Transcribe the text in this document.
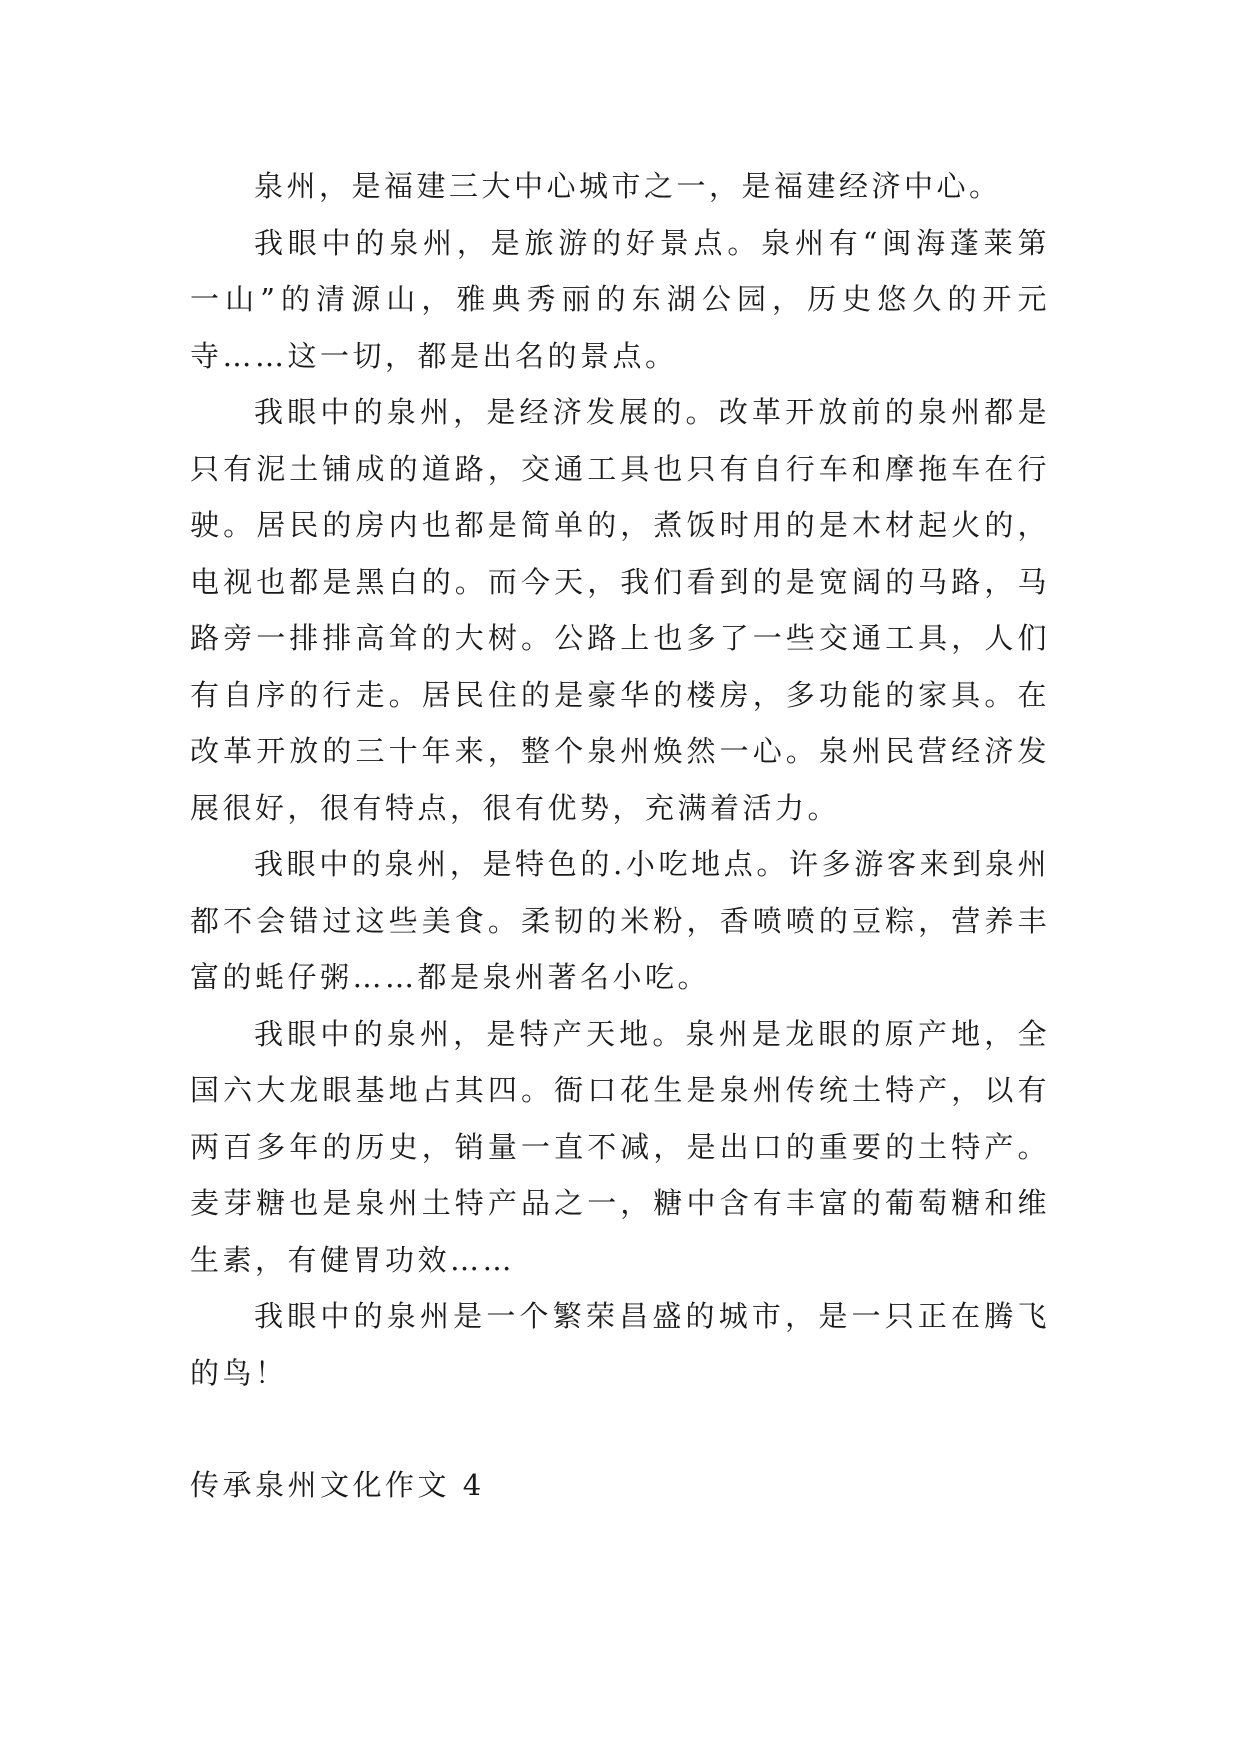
泉州，是福建三大中心城市之一，是福建经济中心。

我眼中的泉州，是旅游的好景点。泉州有“闽海蓬莱第一山”的清源山，雅典秀丽的东湖公园，历史悠久的开元寺……这一切，都是出名的景点。

我眼中的泉州，是经济发展的。改革开放前的泉州都是只有泥土铺成的道路，交通工具也只有自行车和摩拖车在行驶。居民的房内也都是简单的，煮饭时用的是木材起火的，电视也都是黑白的。而今天，我们看到的是宽阔的马路，马路旁一排排高耸的大树。公路上也多了一些交通工具，人们有自序的行走。居民住的是豪华的楼房，多功能的家具。在改革开放的三十年来，整个泉州焕然一心。泉州民营经济发展很好，很有特点，很有优势，充满着活力。

我眼中的泉州，是特色的.小吃地点。许多游客来到泉州都不会错过这些美食。柔韧的米粉，香喷喷的豆粽，营养丰富的蚝仔粥……都是泉州著名小吃。

我眼中的泉州，是特产天地。泉州是龙眼的原产地，全国六大龙眼基地占其四。衙口花生是泉州传统土特产，以有两百多年的历史，销量一直不减，是出口的重要的土特产。麦芽糖也是泉州土特产品之一，糖中含有丰富的葡萄糖和维生素，有健胃功效……

我眼中的泉州是一个繁荣昌盛的城市，是一只正在腾飞的鸟！

传承泉州文化作文 4
